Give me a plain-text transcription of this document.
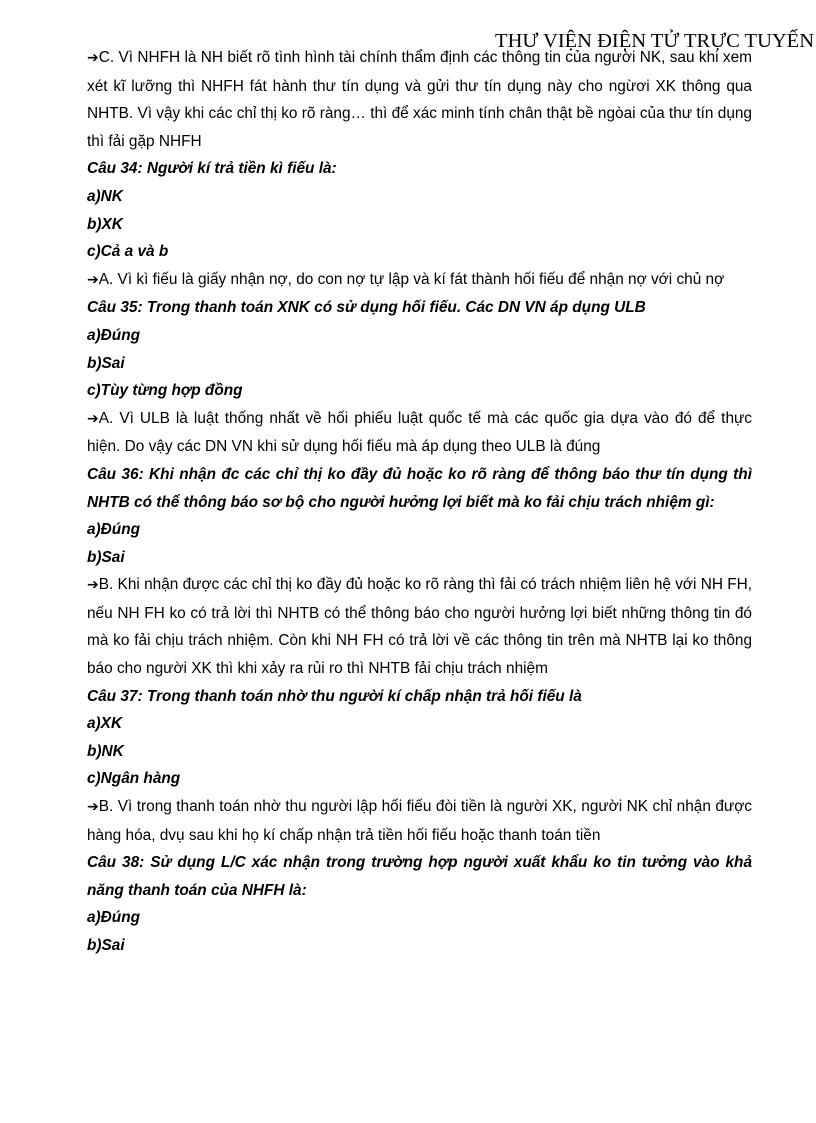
THƯ VIỆN ĐIỆN TỬ TRỰC TUYẾN

➔C. Vì NHFH là NH biết rõ tình hình tài chính thẩm định các thông tin của người NK, sau khi xem xét kĩ lưỡng thì NHFH fát hành thư tín dụng và gửi thư tín dụng này cho ngừơi XK thông qua NHTB. Vì vậy khi các chỉ thị ko rõ ràng… thì để xác minh tính chân thật bề ngòai của thư tín dụng thì fải gặp NHFH

Câu 34: Người kí trả tiền kì fiếu là:

a)NK

b)XK

c)Cả a và b

➔A. Vì kì fiếu là giấy nhận nợ, do con nợ tự lập và kí fát thành hối fiếu để nhận nợ với chủ nợ

Câu 35: Trong thanh toán XNK có sử dụng hối fiếu. Các DN VN áp dụng ULB

a)Đúng

b)Sai

c)Tùy từng hợp đồng

➔A. Vì ULB là luật thống nhất về hối phiếu luật quốc tế mà các quốc gia dựa vào đó để thực hiện. Do vậy các DN VN khi sử dụng hối fiếu mà áp dụng theo ULB là đúng

Câu 36: Khi nhận đc các chỉ thị ko đầy đủ hoặc ko rõ ràng để thông báo thư tín dụng thì NHTB có thể thông báo sơ bộ cho người hưởng lợi biết mà ko fải chịu trách nhiệm gì:

a)Đúng

b)Sai

➔B. Khi nhận được các chỉ thị ko đầy đủ hoặc ko rõ ràng thì fải có trách nhiệm liên hệ với NH FH, nếu NH FH ko có trả lời thì NHTB có thể thông báo cho người hưởng lợi biết những thông tin đó mà ko fải chịu trách nhiệm. Còn khi NH FH có trả lời về các thông tin trên mà NHTB lại ko thông báo cho người XK thì khi xảy ra rủi ro thì NHTB fải chịu trách nhiệm

Câu 37: Trong thanh toán nhờ thu người kí chấp nhận trả hối fiếu là

a)XK

b)NK

c)Ngân hàng

➔B. Vì trong thanh toán nhờ thu người lập hối fiếu đòi tiền là người XK, người NK chỉ nhận được hàng hóa, dvụ sau khi họ kí chấp nhận trả tiền hối fiếu hoặc thanh toán tiền

Câu 38: Sử dụng L/C xác nhận trong trường hợp người xuất khẩu ko tin tưởng vào khả năng thanh toán của NHFH là:

a)Đúng

b)Sai
